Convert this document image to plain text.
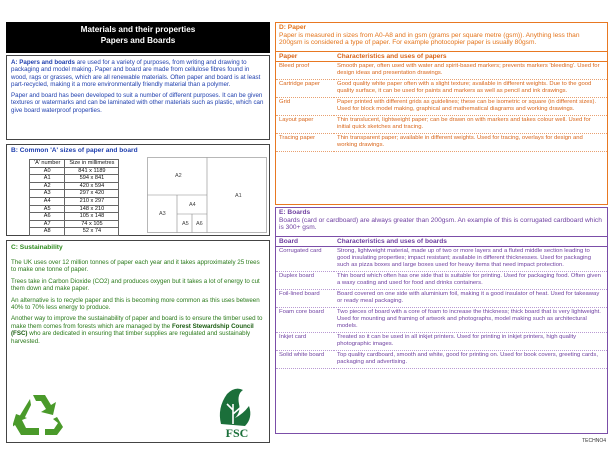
Materials and their properties
Papers and Boards

A: Papers and boards are used for a variety of purposes, from writing and drawing to packaging and model making. Paper and board are made from cellulose fibres found in wood, rags or grasses, which are all renewable materials. Often paper and board is at least part-recycled, making it a more environmentally friendly material than a polymer.

Paper and board has been developed to suit a number of different purposes. It can be given textures or watermarks and can be laminated with other materials such as plastic, which can give board waterproof properties.

B: Common 'A' sizes of paper and board
'A' number	Size in millimetres
A0	841 x 1189
A1	594 x 841
A2	420 x 594
A3	297 x 420
A4	210 x 297
A5	148 x 210
A6	105 x 148
A7	74 x 105
A8	52 x 74
A1
A2
A3
A4
A5 A6
C: Sustainability

The UK uses over 12 million tonnes of paper each year and it takes approximately 25 trees to make one tonne of paper.

Trees take in Carbon Dioxide (CO2) and produces oxygen but it takes a lot of energy to cut them down and make paper.

An alternative is to recycle paper and this is becoming more common as this uses between 40% to 70% less energy to produce.

Another way to improve the sustainability of paper and board is to ensure the timber used to make them comes from forests which are managed by the Forest Stewardship Council (FSC) who are dedicated in ensuring that timber supplies are regulated and sustainably harvested.

FSC
D: Paper
Paper is measured in sizes from A0-A8 and in gsm (grams per square metre (gsm)). Anything less than 200gsm is considered a type of paper. For example photocopier paper is usually 80gsm.
Paper	Characteristics and uses of papers
Bleed proof	Smooth paper, often used with water and spirit-based markers; prevents markers 'bleeding'. Used for design ideas and presentation drawings.
Cartridge paper	Good quality white paper often with a slight texture; available in different weights. Due to the good quality surface, it can be used for paints and markers as well as pencil and ink drawings.
Grid	Paper printed with different grids as guidelines; these can be isometric or square (in different sizes). Used for block model making, graphical and mathematical diagrams and working drawings.
Layout paper	Thin translucent, lightweight paper; can be drawn on with markers and takes colour well. Used for initial quick sketches and tracing.
Tracing paper	Thin transparent paper; available in different weights. Used for tracing, overlays for design and working drawings.
E: Boards
Boards (card or cardboard) are always greater than 200gsm. An example of this is corrugated cardboard which is 300+ gsm.
Board	Characteristics and uses of boards
Corrugated card	Strong, lightweight material, made up of two or more layers and a fluted middle section leading to good insulating properties; impact resistant; available in different thicknesses. Used for packaging such as pizza boxes and large boxes used for heavy items that need impact protection.
Duplex board	Thin board which often has one side that is suitable for printing. Used for packaging food. Often given a waxy coating and used for food and drinks containers.
Foil-lined board	Board covered on one side with aluminium foil, making it a good insulator of heat. Used for takeaway or ready meal packaging.
Foam core board	Two pieces of board with a core of foam to increase the thickness; thick board that is very lightweight. Used for mounting and framing of artwork and photographs, model making such as architectural models.
Inkjet card	Treated so it can be used in all inkjet printers. Used for printing in inkjet printers, high quality photographic images.
Solid white board	Top quality cardboard, smooth and white, good for printing on. Used for book covers, greeting cards, packaging and advertising.
TECHNO4
